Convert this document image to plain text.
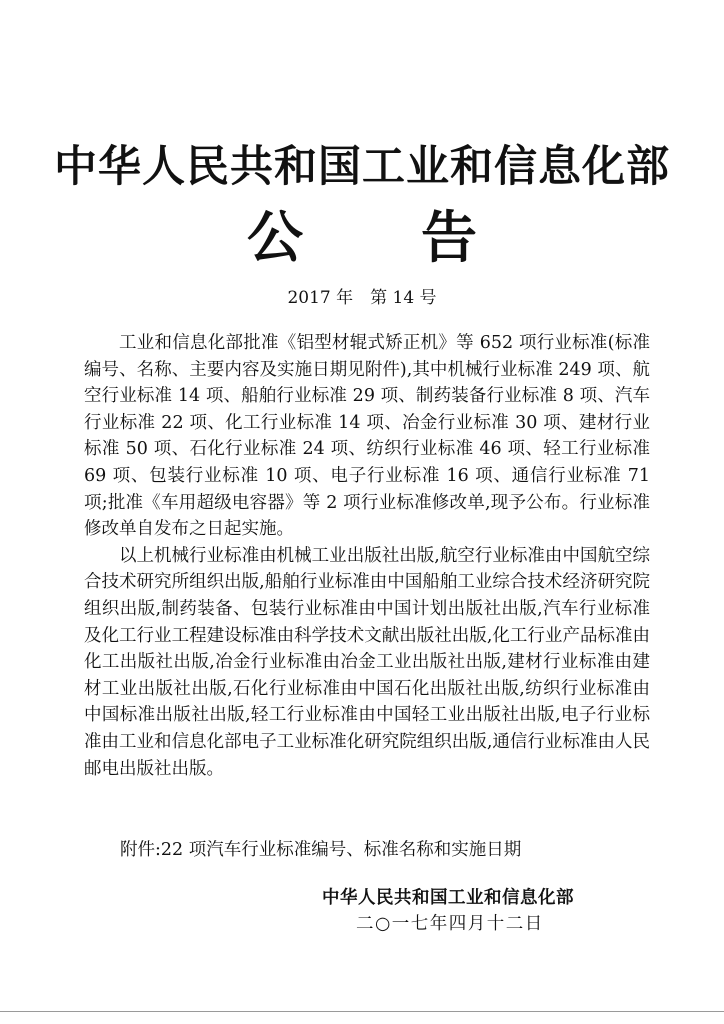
中华人民共和国工业和信息化部
公告
2017 年　第 14 号

工业和信息化部批准《铝型材辊式矫正机》等 652 项行业标准(标准编号、名称、主要内容及实施日期见附件),其中机械行业标准 249 项、航空行业标准 14 项、船舶行业标准 29 项、制药装备行业标准 8 项、汽车行业标准 22 项、化工行业标准 14 项、冶金行业标准 30 项、建材行业标准 50 项、石化行业标准 24 项、纺织行业标准 46 项、轻工行业标准 69 项、包装行业标准 10 项、电子行业标准 16 项、通信行业标准 71 项;批准《车用超级电容器》等 2 项行业标准修改单,现予公布。行业标准修改单自发布之日起实施。

以上机械行业标准由机械工业出版社出版,航空行业标准由中国航空综合技术研究所组织出版,船舶行业标准由中国船舶工业综合技术经济研究院组织出版,制药装备、包装行业标准由中国计划出版社出版,汽车行业标准及化工行业工程建设标准由科学技术文献出版社出版,化工行业产品标准由化工出版社出版,冶金行业标准由冶金工业出版社出版,建材行业标准由建材工业出版社出版,石化行业标准由中国石化出版社出版,纺织行业标准由中国标准出版社出版,轻工行业标准由中国轻工业出版社出版,电子行业标准由工业和信息化部电子工业标准化研究院组织出版,通信行业标准由人民邮电出版社出版。

附件:22 项汽车行业标准编号、标准名称和实施日期
中华人民共和国工业和信息化部
二○一七年四月十二日
